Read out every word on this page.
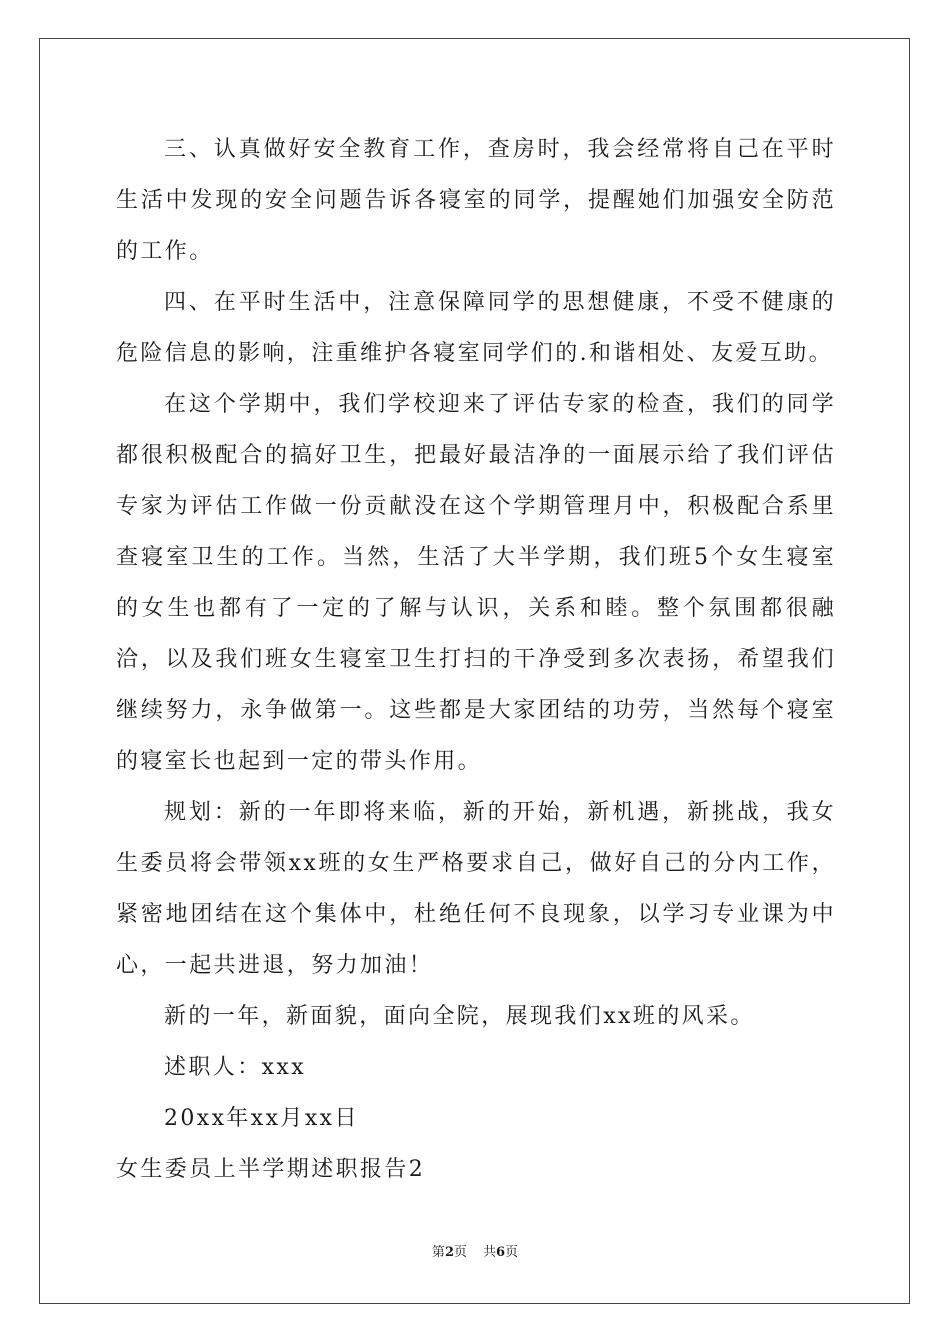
三、认真做好安全教育工作，查房时，我会经常将自己在平时生活中发现的安全问题告诉各寝室的同学，提醒她们加强安全防范的工作。

四、在平时生活中，注意保障同学的思想健康，不受不健康的危险信息的影响，注重维护各寝室同学们的.和谐相处、友爱互助。

在这个学期中，我们学校迎来了评估专家的检查，我们的同学都很积极配合的搞好卫生，把最好最洁净的一面展示给了我们评估专家为评估工作做一份贡献没在这个学期管理月中，积极配合系里查寝室卫生的工作。当然，生活了大半学期，我们班5个女生寝室的女生也都有了一定的了解与认识，关系和睦。整个氛围都很融洽，以及我们班女生寝室卫生打扫的干净受到多次表扬，希望我们继续努力，永争做第一。这些都是大家团结的功劳，当然每个寝室的寝室长也起到一定的带头作用。

规划：新的一年即将来临，新的开始，新机遇，新挑战，我女生委员将会带领xx班的女生严格要求自己，做好自己的分内工作，紧密地团结在这个集体中，杜绝任何不良现象，以学习专业课为中心，一起共进退，努力加油！

新的一年，新面貌，面向全院，展现我们xx班的风采。

述职人：xxx

20xx年xx月xx日

女生委员上半学期述职报告2

第2页 共6页
